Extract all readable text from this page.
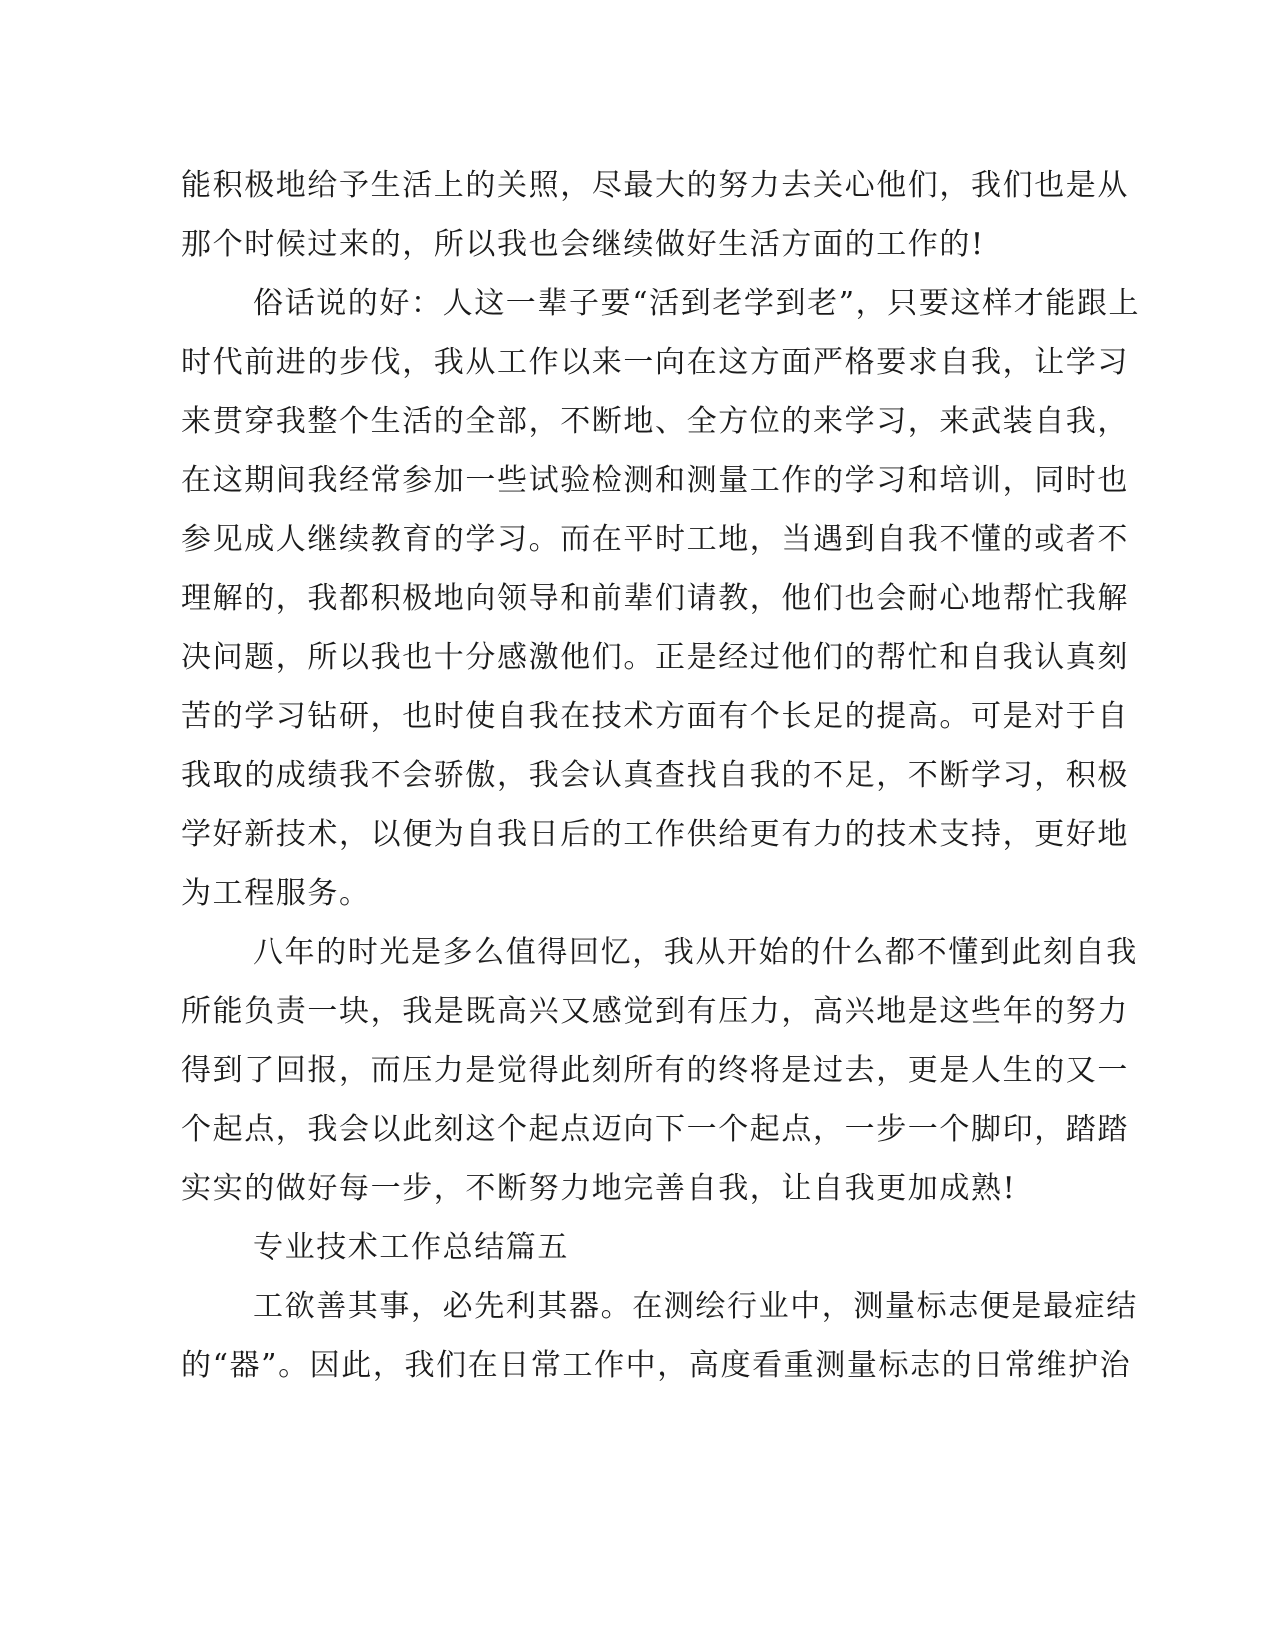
能积极地给予生活上的关照，尽最大的努力去关心他们，我们也是从
那个时候过来的，所以我也会继续做好生活方面的工作的!
俗话说的好：人这一辈子要“活到老学到老”，只要这样才能跟上
时代前进的步伐，我从工作以来一向在这方面严格要求自我，让学习
来贯穿我整个生活的全部，不断地、全方位的来学习，来武装自我，
在这期间我经常参加一些试验检测和测量工作的学习和培训，同时也
参见成人继续教育的学习。而在平时工地，当遇到自我不懂的或者不
理解的，我都积极地向领导和前辈们请教，他们也会耐心地帮忙我解
决问题，所以我也十分感激他们。正是经过他们的帮忙和自我认真刻
苦的学习钻研，也时使自我在技术方面有个长足的提高。可是对于自
我取的成绩我不会骄傲，我会认真查找自我的不足，不断学习，积极
学好新技术，以便为自我日后的工作供给更有力的技术支持，更好地
为工程服务。
八年的时光是多么值得回忆，我从开始的什么都不懂到此刻自我
所能负责一块，我是既高兴又感觉到有压力，高兴地是这些年的努力
得到了回报，而压力是觉得此刻所有的终将是过去，更是人生的又一
个起点，我会以此刻这个起点迈向下一个起点，一步一个脚印，踏踏
实实的做好每一步，不断努力地完善自我，让自我更加成熟!
专业技术工作总结篇五
工欲善其事，必先利其器。在测绘行业中，测量标志便是最症结
的“器”。因此，我们在日常工作中，高度看重测量标志的日常维护治
